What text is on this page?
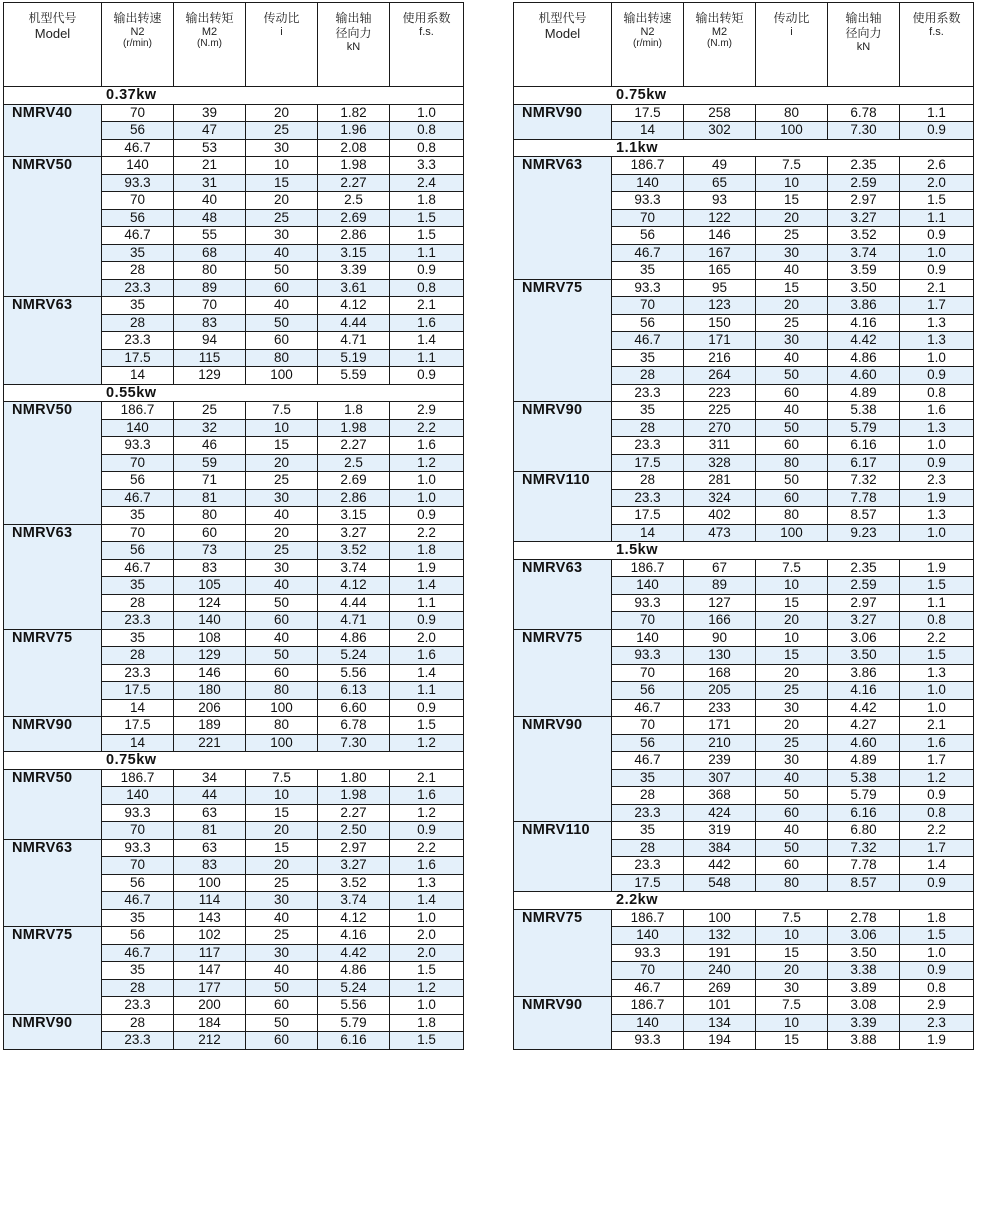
机型代号
Model	输出转速
N2
(r/min)	输出转矩
M2
(N.m)	传动比
i	输出轴
径向力
kN	使用系数
f.s.

0.37kw					
NMRV40	70	39	20	1.82	1.0
	56	47	25	1.96	0.8
	46.7	53	30	2.08	0.8
NMRV50	140	21	10	1.98	3.3
	93.3	31	15	2.27	2.4
	70	40	20	2.5	1.8
	56	48	25	2.69	1.5
	46.7	55	30	2.86	1.5
	35	68	40	3.15	1.1
	28	80	50	3.39	0.9
	23.3	89	60	3.61	0.8
NMRV63	35	70	40	4.12	2.1
	28	83	50	4.44	1.6
	23.3	94	60	4.71	1.4
	17.5	115	80	5.19	1.1
	14	129	100	5.59	0.9
0.55kw					
NMRV50	186.7	25	7.5	1.8	2.9
	140	32	10	1.98	2.2
	93.3	46	15	2.27	1.6
	70	59	20	2.5	1.2
	56	71	25	2.69	1.0
	46.7	81	30	2.86	1.0
	35	80	40	3.15	0.9
NMRV63	70	60	20	3.27	2.2
	56	73	25	3.52	1.8
	46.7	83	30	3.74	1.9
	35	105	40	4.12	1.4
	28	124	50	4.44	1.1
	23.3	140	60	4.71	0.9
NMRV75	35	108	40	4.86	2.0
	28	129	50	5.24	1.6
	23.3	146	60	5.56	1.4
	17.5	180	80	6.13	1.1
	14	206	100	6.60	0.9
NMRV90	17.5	189	80	6.78	1.5
	14	221	100	7.30	1.2
0.75kw					
NMRV50	186.7	34	7.5	1.80	2.1
	140	44	10	1.98	1.6
	93.3	63	15	2.27	1.2
	70	81	20	2.50	0.9
NMRV63	93.3	63	15	2.97	2.2
	70	83	20	3.27	1.6
	56	100	25	3.52	1.3
	46.7	114	30	3.74	1.4
	35	143	40	4.12	1.0
NMRV75	56	102	25	4.16	2.0
	46.7	117	30	4.42	2.0
	35	147	40	4.86	1.5
	28	177	50	5.24	1.2
	23.3	200	60	5.56	1.0
NMRV90	28	184	50	5.79	1.8
	23.3	212	60	6.16	1.5
机型代号
Model	输出转速
N2
(r/min)	输出转矩
M2
(N.m)	传动比
i	输出轴
径向力
kN	使用系数
f.s.

0.75kw					
NMRV90	17.5	258	80	6.78	1.1
	14	302	100	7.30	0.9
1.1kw					
NMRV63	186.7	49	7.5	2.35	2.6
	140	65	10	2.59	2.0
	93.3	93	15	2.97	1.5
	70	122	20	3.27	1.1
	56	146	25	3.52	0.9
	46.7	167	30	3.74	1.0
	35	165	40	3.59	0.9
NMRV75	93.3	95	15	3.50	2.1
	70	123	20	3.86	1.7
	56	150	25	4.16	1.3
	46.7	171	30	4.42	1.3
	35	216	40	4.86	1.0
	28	264	50	4.60	0.9
	23.3	223	60	4.89	0.8
NMRV90	35	225	40	5.38	1.6
	28	270	50	5.79	1.3
	23.3	311	60	6.16	1.0
	17.5	328	80	6.17	0.9
NMRV110	28	281	50	7.32	2.3
	23.3	324	60	7.78	1.9
	17.5	402	80	8.57	1.3
	14	473	100	9.23	1.0
1.5kw					
NMRV63	186.7	67	7.5	2.35	1.9
	140	89	10	2.59	1.5
	93.3	127	15	2.97	1.1
	70	166	20	3.27	0.8
NMRV75	140	90	10	3.06	2.2
	93.3	130	15	3.50	1.5
	70	168	20	3.86	1.3
	56	205	25	4.16	1.0
	46.7	233	30	4.42	1.0
NMRV90	70	171	20	4.27	2.1
	56	210	25	4.60	1.6
	46.7	239	30	4.89	1.7
	35	307	40	5.38	1.2
	28	368	50	5.79	0.9
	23.3	424	60	6.16	0.8
NMRV110	35	319	40	6.80	2.2
	28	384	50	7.32	1.7
	23.3	442	60	7.78	1.4
	17.5	548	80	8.57	0.9
2.2kw					
NMRV75	186.7	100	7.5	2.78	1.8
	140	132	10	3.06	1.5
	93.3	191	15	3.50	1.0
	70	240	20	3.38	0.9
	46.7	269	30	3.89	0.8
NMRV90	186.7	101	7.5	3.08	2.9
	140	134	10	3.39	2.3
	93.3	194	15	3.88	1.9
